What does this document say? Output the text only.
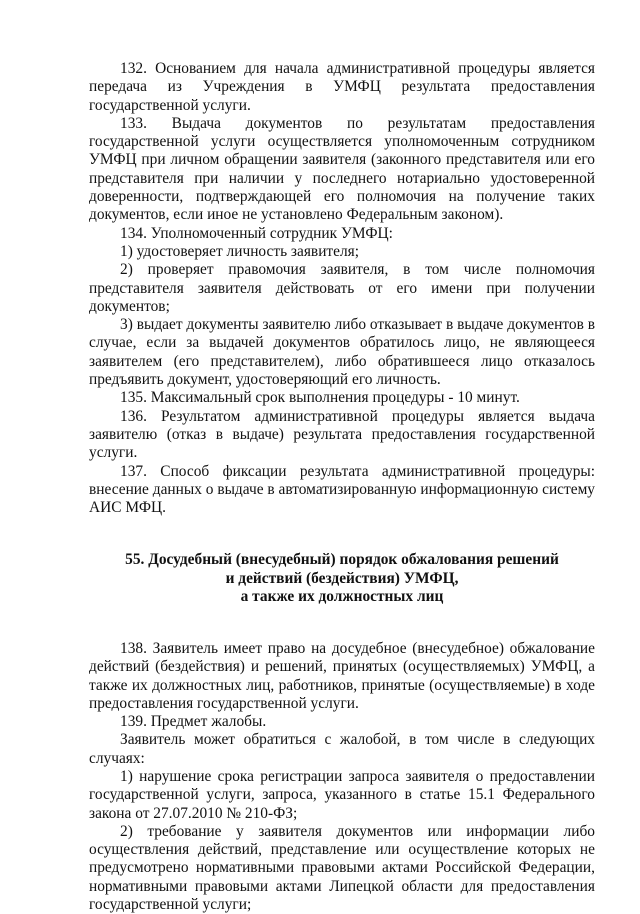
132. Основанием для начала административной процедуры является передача из Учреждения в УМФЦ результата предоставления государственной услуги.

133. Выдача документов по результатам предоставления государственной услуги осуществляется уполномоченным сотрудником УМФЦ при личном обращении заявителя (законного представителя или его представителя при наличии у последнего нотариально удостоверенной доверенности, подтверждающей его полномочия на получение таких документов, если иное не установлено Федеральным законом).

134. Уполномоченный сотрудник УМФЦ:

1) удостоверяет личность заявителя;

2) проверяет правомочия заявителя, в том числе полномочия представителя заявителя действовать от его имени при получении документов;

3) выдает документы заявителю либо отказывает в выдаче документов в случае, если за выдачей документов обратилось лицо, не являющееся заявителем (его представителем), либо обратившееся лицо отказалось предъявить документ, удостоверяющий его личность.

135. Максимальный срок выполнения процедуры - 10 минут.

136. Результатом административной процедуры является выдача заявителю (отказ в выдаче) результата предоставления государственной услуги.

137. Способ фиксации результата административной процедуры: внесение данных о выдаче в автоматизированную информационную систему АИС МФЦ.

55. Досудебный (внесудебный) порядок обжалования решений
и действий (бездействия) УМФЦ,
а также их должностных лиц

138. Заявитель имеет право на досудебное (внесудебное) обжалование действий (бездействия) и решений, принятых (осуществляемых) УМФЦ, а также их должностных лиц, работников, принятые (осуществляемые) в ходе предоставления государственной услуги.

139. Предмет жалобы.

Заявитель может обратиться с жалобой, в том числе в следующих случаях:

1) нарушение срока регистрации запроса заявителя о предоставлении государственной услуги, запроса, указанного в статье 15.1 Федерального закона от 27.07.2010 № 210-ФЗ;

2) требование у заявителя документов или информации либо осуществления действий, представление или осуществление которых не предусмотрено нормативными правовыми актами Российской Федерации, нормативными правовыми актами Липецкой области для предоставления государственной услуги;
